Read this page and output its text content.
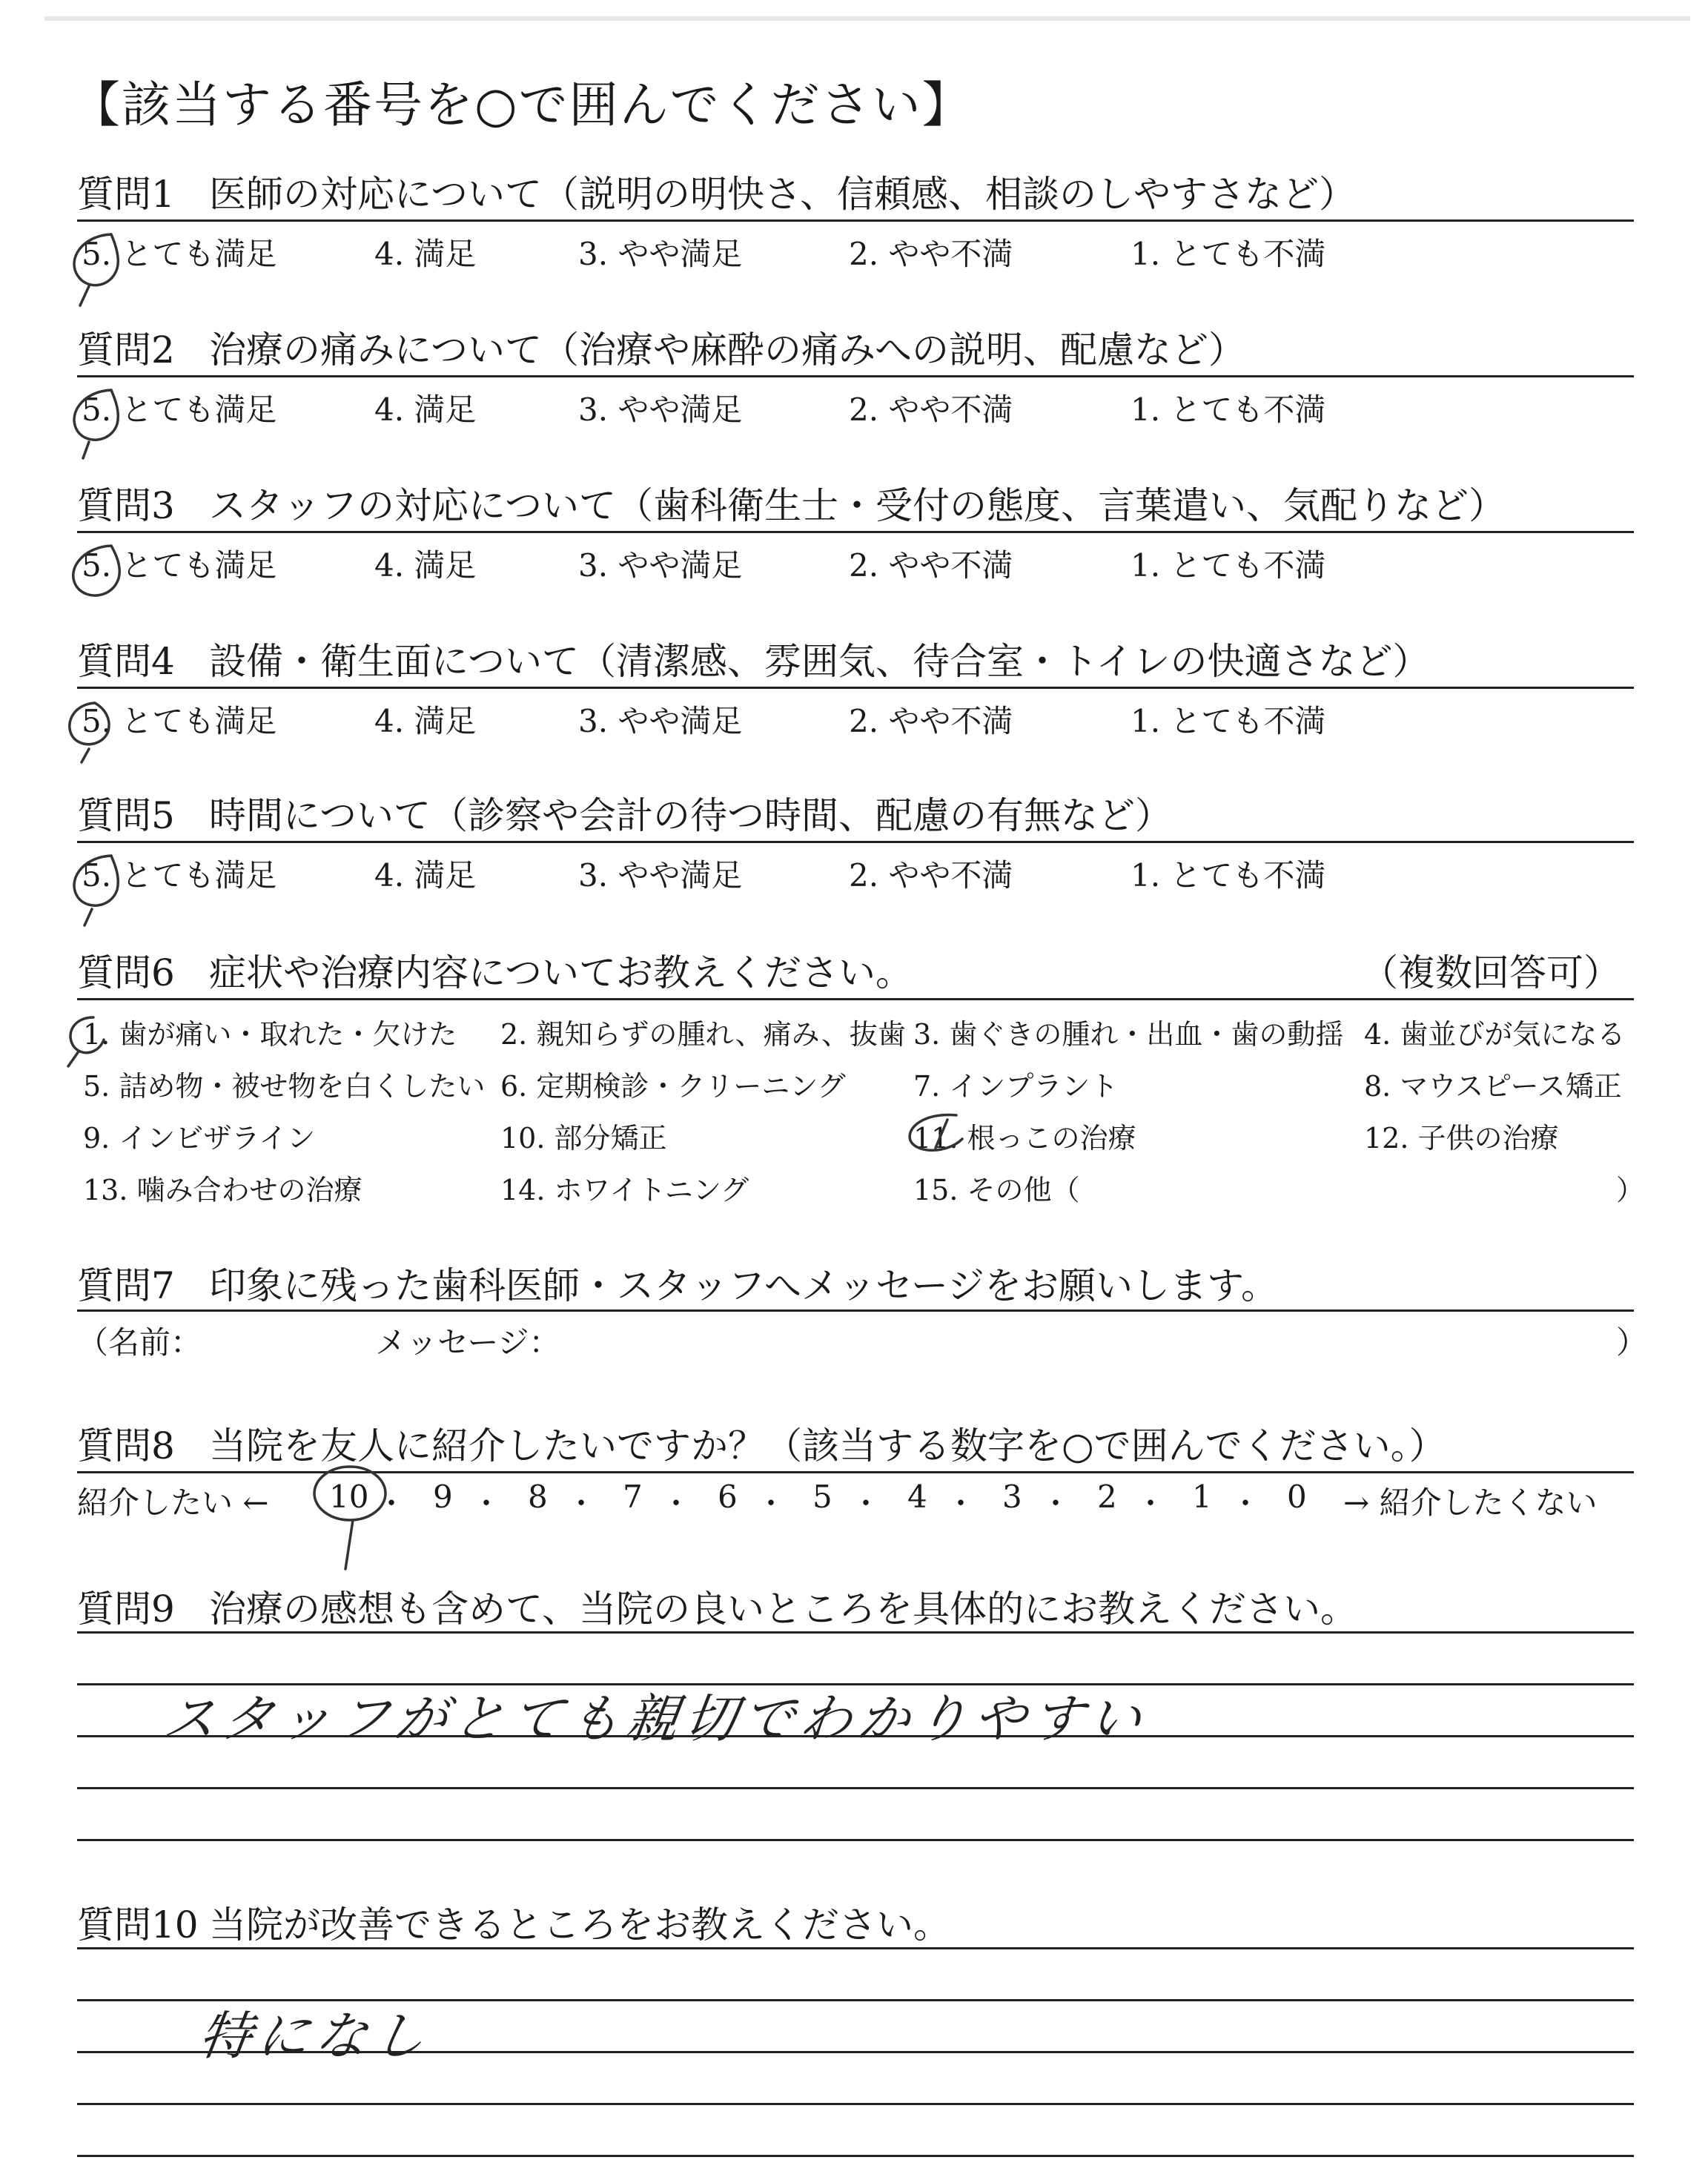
【該当する番号を○で囲んでください】
質問1 医師の対応について（説明の明快さ、信頼感、相談のしやすさなど）
5. とても満足	4. 満足	3. やや満足	2. やや不満	1. とても不満
質問2 治療の痛みについて（治療や麻酔の痛みへの説明、配慮など）
5. とても満足	4. 満足	3. やや満足	2. やや不満	1. とても不満
質問3 スタッフの対応について（歯科衛生士・受付の態度、言葉遣い、気配りなど）
5. とても満足	4. 満足	3. やや満足	2. やや不満	1. とても不満
質問4 設備・衛生面について（清潔感、雰囲気、待合室・トイレの快適さなど）
5. とても満足	4. 満足	3. やや満足	2. やや不満	1. とても不満
質問5 時間について（診察や会計の待つ時間、配慮の有無など）
5. とても満足	4. 満足	3. やや満足	2. やや不満	1. とても不満
質問6 症状や治療内容についてお教えください。	（複数回答可）
1. 歯が痛い・取れた・欠けた 2. 親知らずの腫れ、痛み、抜歯 3. 歯ぐきの腫れ・出血・歯の動揺 4. 歯並びが気になる
5. 詰め物・被せ物を白くしたい 6. 定期検診・クリーニング 7. インプラント	8. マウスピース矯正
9. インビザライン	10. 部分矯正	11. 根っこの治療	12. 子供の治療
13. 噛み合わせの治療	14. ホワイトニング	15. その他（	）
質問7 印象に残った歯科医師・スタッフへメッセージをお願いします。
（名前：	メッセージ：	）
質問8 当院を友人に紹介したいですか？（該当する数字を○で囲んでください。）
紹介したい ← 10 ・ 9 ・ 8 ・ 7 ・ 6 ・ 5 ・ 4 ・ 3 ・ 2 ・ 1 ・ 0 → 紹介したくない
質問9 治療の感想も含めて、当院の良いところを具体的にお教えください。
スタッフがとても親切でわかりやすい
質問10 当院が改善できるところをお教えください。
特になし
